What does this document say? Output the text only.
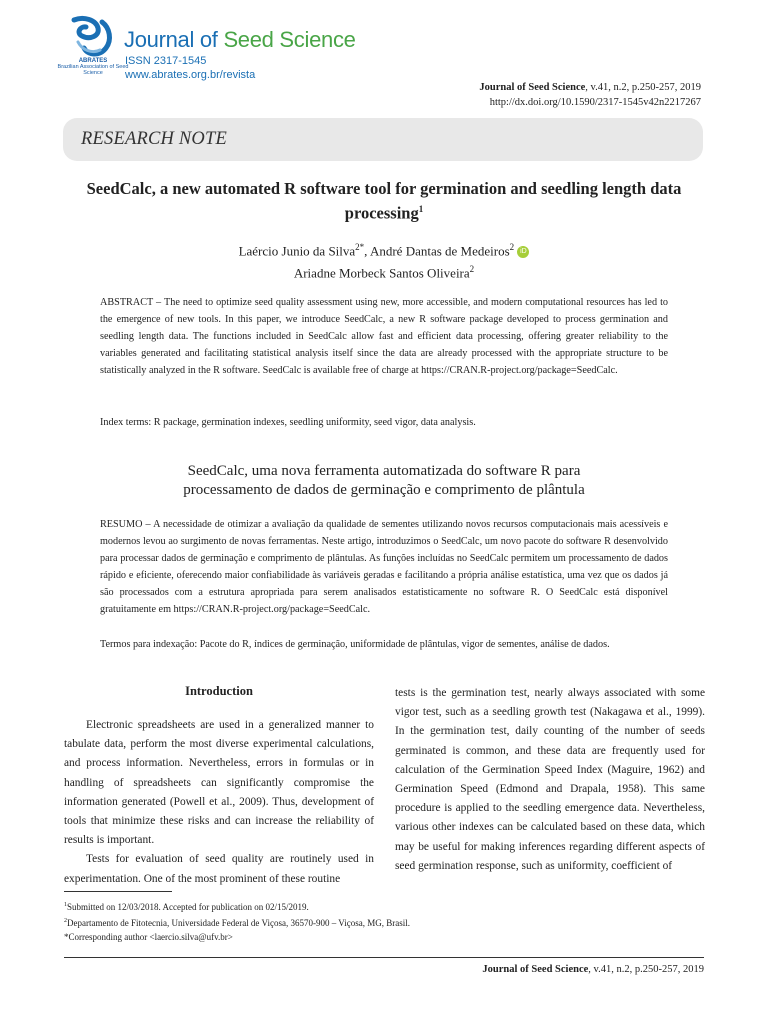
ABRATES
Brazilian Association of Seed Science
Journal of Seed Science
ISSN 2317-1545
www.abrates.org.br/revista
Journal of Seed Science, v.41, n.2, p.250-257, 2019
http://dx.doi.org/10.1590/2317-1545v42n2217267
RESEARCH NOTE
SeedCalc, a new automated R software tool for germination and seedling length data processing$^1$
Laércio Junio da Silva$^{2*}$, André Dantas de Medeiros$^2$ iD
Ariadne Morbeck Santos Oliveira$^2$
ABSTRACT – The need to optimize seed quality assessment using new, more accessible, and modern computational resources has led to the emergence of new tools. In this paper, we introduce SeedCalc, a new R software package developed to process germination and seedling length data. The functions included in SeedCalc allow fast and efficient data processing, offering greater reliability to the variables generated and facilitating statistical analysis itself since the data are already processed with the appropriate structure to be statistically analyzed in the R software. SeedCalc is available free of charge at https://CRAN.R-project.org/package=SeedCalc.
Index terms: R package, germination indexes, seedling uniformity, seed vigor, data analysis.
SeedCalc, uma nova ferramenta automatizada do software R para
processamento de dados de germinação e comprimento de plântula
RESUMO – A necessidade de otimizar a avaliação da qualidade de sementes utilizando novos recursos computacionais mais acessíveis e modernos levou ao surgimento de novas ferramentas. Neste artigo, introduzimos o SeedCalc, um novo pacote do software R desenvolvido para processar dados de germinação e comprimento de plântulas. As funções incluídas no SeedCalc permitem um processamento de dados rápido e eficiente, oferecendo maior confiabilidade às variáveis geradas e facilitando a própria análise estatística, uma vez que os dados já são processados com a estrutura apropriada para serem analisados estatisticamente no software R. O SeedCalc está disponível gratuitamente em https://CRAN.R-project.org/package=SeedCalc.
Termos para indexação: Pacote do R, índices de germinação, uniformidade de plântulas, vigor de sementes, análise de dados.
Introduction

Electronic spreadsheets are used in a generalized manner to tabulate data, perform the most diverse experimental calculations, and process information. Nevertheless, errors in formulas or in handling of spreadsheets can significantly compromise the information generated (Powell et al., 2009). Thus, development of tools that minimize these risks and can increase the reliability of results is important.

Tests for evaluation of seed quality are routinely used in experimentation. One of the most prominent of these routine

tests is the germination test, nearly always associated with some vigor test, such as a seedling growth test (Nakagawa et al., 1999). In the germination test, daily counting of the number of seeds germinated is common, and these data are frequently used for calculation of the Germination Speed Index (Maguire, 1962) and Germination Speed (Edmond and Drapala, 1958). This same procedure is applied to the seedling emergence data. Nevertheless, various other indexes can be calculated based on these data, which may be useful for making inferences regarding different aspects of seed germination response, such as uniformity, coefficient of

$^1$Submitted on 12/03/2018. Accepted for publication on 02/15/2019.
$^2$Departamento de Fitotecnia, Universidade Federal de Viçosa, 36570-900 – Viçosa, MG, Brasil.
*Corresponding author <laercio.silva@ufv.br>
Journal of Seed Science, v.41, n.2, p.250-257, 2019
